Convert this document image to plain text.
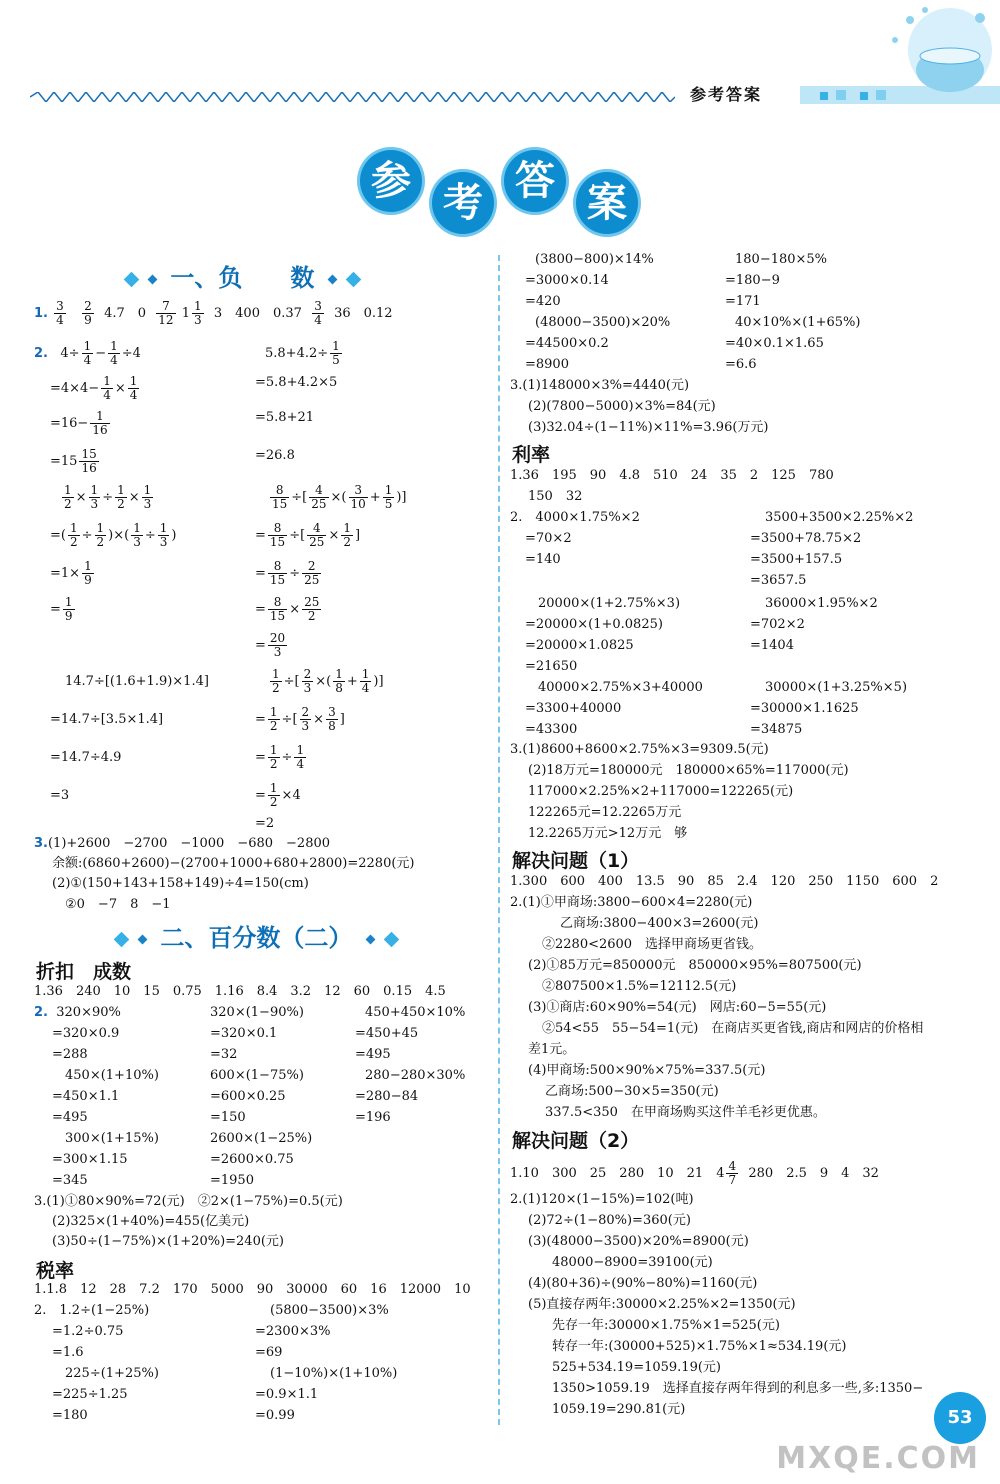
参考答案
参 考 答 案
一、负　　数
1. $\frac{3}{4}$
$\frac{2}{9} 4.7$　$0 \frac{7}{12} 1 \frac{1}{3} 3$　400　$0.37 \frac{3}{4} 36$　0.12
2. $4\div \frac{1}{4} - \frac{1}{4} \div 4$	$5.8+4.2\div \frac{1}{5}$
$=4\times 4- \frac{1}{4} \times \frac{1}{4}$	=5.8+4.2×5
$=16- \frac{1}{16}$	=5.8+21
$=15 \frac{15}{16}$	=26.8
$\frac{1}{2} \times \frac{1}{3} \div \frac{1}{2} \times \frac{1}{3}$	$\frac{8}{15}$ ÷[ $\frac{4}{25}$ ×( $\frac{3}{10} + \frac{1}{5}$ )]
=( $\frac{1}{2} \div \frac{1}{2}$ )×( $\frac{1}{3} \div \frac{1}{3}$ )	= $\frac{8}{15}$ ÷[ $\frac{4}{25} \times \frac{1}{2}$ ]
$=1\times \frac{1}{9}$	= $\frac{8}{15} \div \frac{2}{25}$
= $\frac{1}{9}$	= $\frac{8}{15} \times \frac{25}{2}$
= $\frac{20}{3}$
14.7÷[(1.6+1.9)×1.4]	$\frac{1}{2}$ ÷[ $\frac{2}{3}$ ×( $\frac{1}{8} + \frac{1}{4}$ )]
=14.7÷[3.5×1.4]	= $\frac{1}{2}$ ÷[ $\frac{2}{3} \times \frac{3}{8}$ ]
=14.7÷4.9	= $\frac{1}{2} \div \frac{1}{4}$
=3	= $\frac{1}{2} \times 4$
=2
3.(1)+2600　−2700　−1000　−680　−2800
余额:(6860+2600)−(2700+1000+680+2800)=2280(元)
(2)①(150+143+158+149)÷4=150(cm)
②0　−7　8　−1
二、百分数（二）
折扣　成数
1.36　240　10　15　0.75　1.16　8.4　3.2　12　60　0.15　4.5
2. 320×90%	320×(1−90%)	450+450×10%
=320×0.9	=320×0.1	=450+45
=288	=32	=495
450×(1+10%)	600×(1−75%)	280−280×30%
=450×1.1	=600×0.25	=280−84
=495	=150	=196
300×(1+15%)	2600×(1−25%)
=300×1.15	=2600×0.75
=345	=1950
3.(1)①80×90%=72(元)　②2×(1−75%)=0.5(元)
(2)325×(1+40%)=455(亿美元)
(3)50÷(1−75%)×(1+20%)=240(元)
税率
1.1.8　12　28　7.2　170　5000　90　30000　60　16　12000　10
2.　1.2÷(1−25%)	(5800−3500)×3%
=1.2÷0.75	=2300×3%
=1.6	=69
225÷(1+25%)	(1−10%)×(1+10%)
=225÷1.25	=0.9×1.1
=180	=0.99
(3800−800)×14%	180−180×5%
=3000×0.14	=180−9
=420	=171
(48000−3500)×20%	40×10%×(1+65%)
=44500×0.2	=40×0.1×1.65
=8900	=6.6
3.(1)148000×3%=4440(元)
(2)(7800−5000)×3%=84(元)
(3)32.04÷(1−11%)×11%=3.96(万元)
利率
1.36　195　90　4.8　510　24　35　2　125　780
150　32
2.　4000×1.75%×2	3500+3500×2.25%×2
=70×2	=3500+78.75×2
=140	=3500+157.5
=3657.5
20000×(1+2.75%×3)	36000×1.95%×2
=20000×(1+0.0825)	=702×2
=20000×1.0825	=1404
=21650
40000×2.75%×3+40000	30000×(1+3.25%×5)
=3300+40000	=30000×1.1625
=43300	=34875
3.(1)8600+8600×2.75%×3=9309.5(元)
(2)18万元=180000元　180000×65%=117000(元)
117000×2.25%×2+117000=122265(元)
122265元=12.2265万元
12.2265万元>12万元　够
解决问题（1）
1.300　600　400　13.5　90　85　2.4　120　250　1150　600　2
2.(1)①甲商场:3800−600×4=2280(元)
乙商场:3800−400×3=2600(元)
②2280<2600　选择甲商场更省钱。
(2)①85万元=850000元　850000×95%=807500(元)
②807500×1.5%=12112.5(元)
(3)①商店:60×90%=54(元)　网店:60−5=55(元)
②54<55　55−54=1(元)　在商店买更省钱,商店和网店的价格相
差1元。
(4)甲商场:500×90%×75%=337.5(元)
乙商场:500−30×5=350(元)
337.5<350　在甲商场购买这件羊毛衫更优惠。
解决问题（2）
1.10　300　25　280　10　21　$4 \frac{4}{7} 280$　2.5　9　4　32
2.(1)120×(1−15%)=102(吨)
(2)72÷(1−80%)=360(元)
(3)(48000−3500)×20%=8900(元)
48000−8900=39100(元)
(4)(80+36)÷(90%−80%)=1160(元)
(5)直接存两年:30000×2.25%×2=1350(元)
先存一年:30000×1.75%×1=525(元)
转存一年:(30000+525)×1.75%×1≈534.19(元)
525+534.19=1059.19(元)
1350>1059.19　选择直接存两年得到的利息多一些,多:1350−
1059.19=290.81(元)	53
MXQE.COM
